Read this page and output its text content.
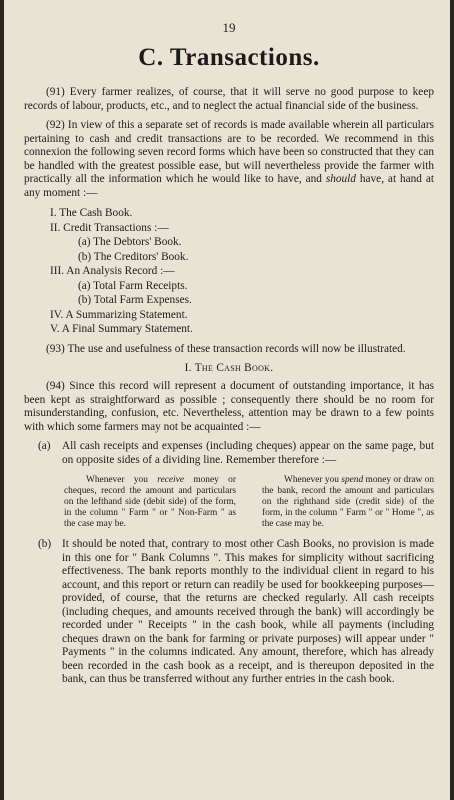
19
C. Transactions.

(91) Every farmer realizes, of course, that it will serve no good purpose to keep records of labour, products, etc., and to neglect the actual financial side of the business.

(92) In view of this a separate set of records is made available wherein all particulars pertaining to cash and credit transactions are to be recorded. We recommend in this connexion the following seven record forms which have been so constructed that they can be handled with the greatest possible ease, but will nevertheless provide the farmer with practically all the information which he would like to have, and should have, at hand at any moment :—

I. The Cash Book.
II. Credit Transactions :—
(a) The Debtors' Book.
(b) The Creditors' Book.
III. An Analysis Record :—
(a) Total Farm Receipts.
(b) Total Farm Expenses.
IV. A Summarizing Statement.
V. A Final Summary Statement.

(93) The use and usefulness of these transaction records will now be illustrated.

I. The Cash Book.

(94) Since this record will represent a document of outstanding importance, it has been kept as straightforward as possible ; consequently there should be no room for misunderstanding, confusion, etc. Nevertheless, attention may be drawn to a few points with which some farmers may not be acquainted :—

(a)	All cash receipts and expenses (including cheques) appear on the same page, but on opposite sides of a dividing line. Remember therefore :—

Whenever you receive money or cheques, record the amount and particulars on the lefthand side (debit side) of the form, in the column " Farm " or " Non-Farm " as the case may be.

Whenever you spend money or draw on the bank, record the amount and particulars on the righthand side (credit side) of the form, in the column " Farm " or " Home ", as the case may be.

(b) It should be noted that, contrary to most other Cash Books, no provision is made in this one for " Bank Columns ". This makes for simplicity without sacrificing effectiveness. The bank reports monthly to the individual client in regard to his account, and this report or return can readily be used for bookkeeping purposes—provided, of course, that the returns are checked regularly. All cash receipts (including cheques, and amounts received through the bank) will accordingly be recorded under " Receipts " in the cash book, while all payments (including cheques drawn on the bank for farming or private purposes) will appear under " Payments " in the columns indicated. Any amount, therefore, which has already been recorded in the cash book as a receipt, and is thereupon deposited in the bank, can thus be transferred without any further entries in the cash book.
